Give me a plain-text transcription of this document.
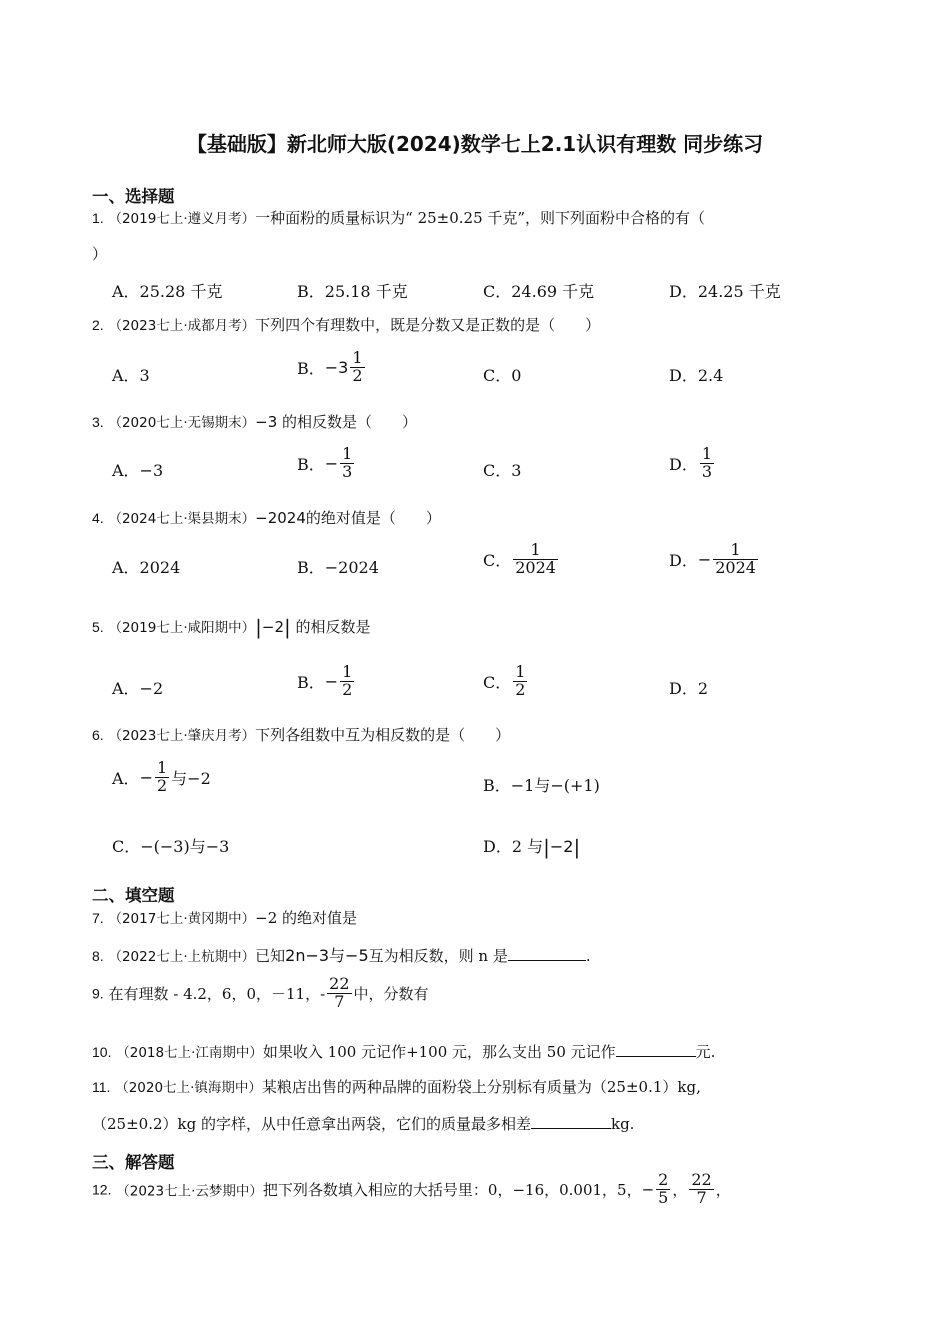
【基础版】新北师大版(2024)数学七上2.1认识有理数 同步练习
一、选择题
1. （2019七上·遵义月考）一种面粉的质量标识为“ 25±0.25 千克”，则下列面粉中合格的有（
）
A．25.28 千克	B．25.18 千克	C．24.69 千克	D．24.25 千克
2. （2023七上·成都月考）下列四个有理数中，既是分数又是正数的是（　　）
A．3	B．$-3 \frac{1}{2}$	C．0	D．2.4
3. （2020七上·无锡期末）−3 的相反数是（　　）
A．−3	B．− $\frac{1}{3}$	C．3	D． $\frac{1}{3}$
4. （2024七上·渠县期末）−2024的绝对值是（　　）
A．2024	B．−2024	C． $\frac{1}{2024}$	D．− $\frac{1}{2024}$
5. （2019七上·咸阳期中）|−2| 的相反数是
A．−2	B．− $\frac{1}{2}$	C． $\frac{1}{2}$	D．2
6. （2023七上·肇庆月考）下列各组数中互为相反数的是（　　）
A．− $\frac{1}{2}$ 与−2	B．−1与−(+1)
C．−(−3)与−3	D．2 与|−2|
二、填空题
7. （2017七上·黄冈期中）−2 的绝对值是
8. （2022七上·上杭期中）已知2n−3与−5互为相反数，则 n 是	.
9. 在有理数 - 4.2，6，0，－11，- $\frac{22}{7}$ 中，分数有
10. （2018七上·江南期中）如果收入 100 元记作+100 元，那么支出 50 元记作	元.
11. （2020七上·镇海期中）某粮店出售的两种品牌的面粉袋上分别标有质量为（25±0.1）kg,
（25±0.2）kg 的字样，从中任意拿出两袋，它们的质量最多相差	kg.
三、解答题
12. （2023七上·云梦期中）把下列各数填入相应的大括号里：0，−16，0.001，5，− $\frac{2}{5}$ ， $\frac{22}{7}$ ，
